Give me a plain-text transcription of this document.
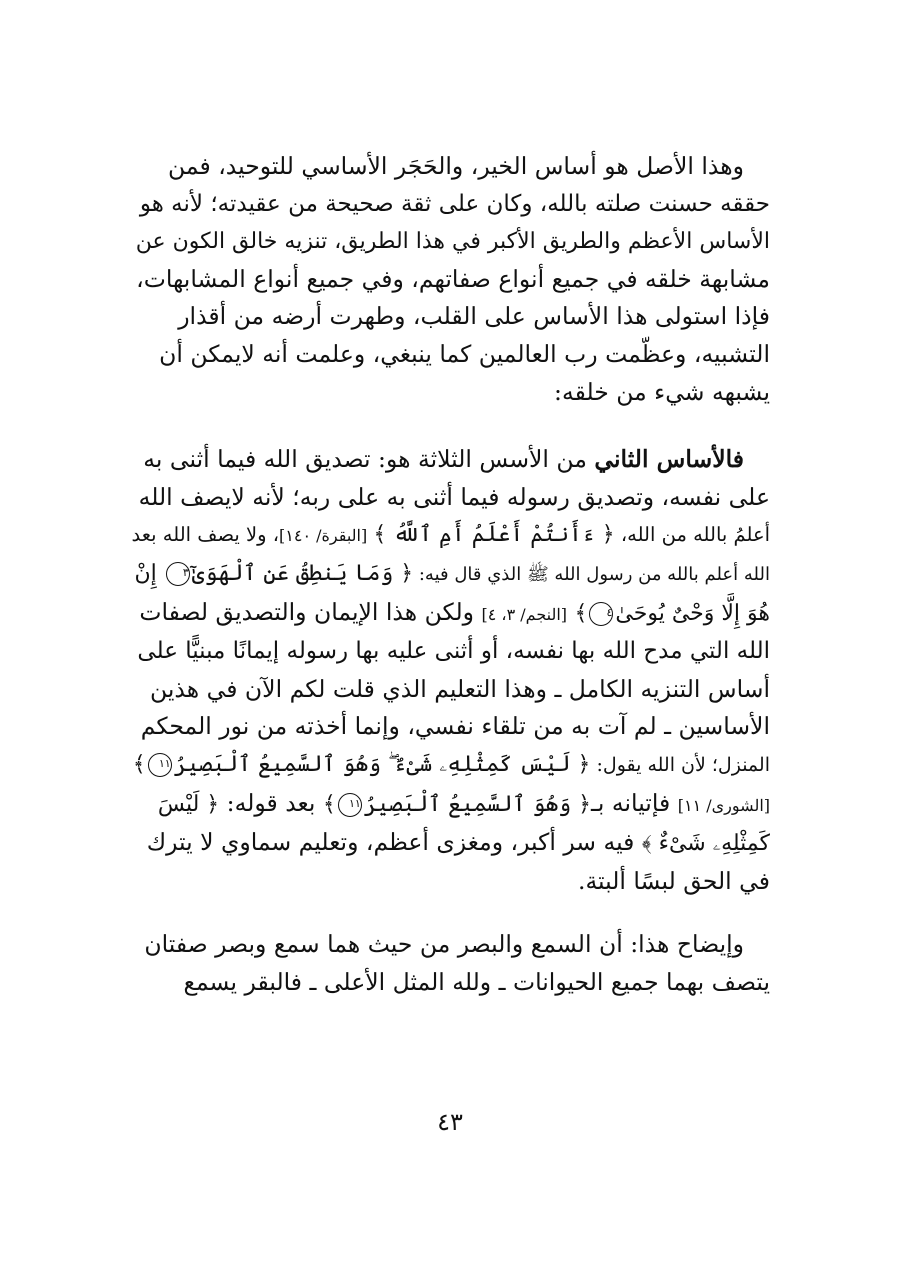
وهذا الأصل هو أساس الخير، والحَجَر الأساسي للتوحيد، فمن
حققه حسنت صلته بالله، وكان على ثقة صحيحة من عقيدته؛ لأنه هو
الأساس الأعظم والطريق الأكبر في هذا الطريق، تنزيه خالق الكون عن
مشابهة خلقه في جميع أنواع صفاتهم، وفي جميع أنواع المشابهات،
فإذا استولى هذا الأساس على القلب، وطهرت أرضه من أقذار
التشبيه، وعظّمت رب العالمين كما ينبغي، وعلمت أنه لايمكن أن
يشبهه شيء من خلقه:

فالأساس الثاني من الأسس الثلاثة هو: تصديق الله فيما أثنى به
على نفسه، وتصديق رسوله فيما أثنى به على ربه؛ لأنه لايصف الله
أعلمُ بالله من الله، ﴿ ءَأَنتُمْ أَعْلَمُ أَمِ ٱللَّهُ ﴾ [البقرة/ ١٤٠]، ولا يصف الله بعد
الله أعلم بالله من رسول الله ﷺ الذي قال فيه: ﴿ وَمَا يَنطِقُ عَنِ ٱلْهَوَىٰٓ٣ إِنْ
هُوَ إِلَّا وَحْىٌ يُوحَىٰ٤﴾ [النجم/ ٣، ٤] ولكن هذا الإيمان والتصديق لصفات
الله التي مدح الله بها نفسه، أو أثنى عليه بها رسوله إيمانًا مبنيًّا على
أساس التنزيه الكامل ـ وهذا التعليم الذي قلت لكم الآن في هذين
الأساسين ـ لم آت به من تلقاء نفسي، وإنما أخذته من نور المحكم
المنزل؛ لأن الله يقول: ﴿ لَيْسَ كَمِثْلِهِۦ شَىْءٌ ۖ وَهُوَ ٱلسَّمِيعُ ٱلْبَصِيرُ١١﴾
[الشورى/ ١١] فإتيانه بـ﴿ وَهُوَ ٱلسَّمِيعُ ٱلْبَصِيرُ١١﴾ بعد قوله: ﴿ لَيْسَ
كَمِثْلِهِۦ شَىْءٌ ﴾ فيه سر أكبر، ومغزى أعظم، وتعليم سماوي لا يترك
في الحق لبسًا ألبتة.

وإيضاح هذا: أن السمع والبصر من حيث هما سمع وبصر صفتان
يتصف بهما جميع الحيوانات ـ ولله المثل الأعلى ـ فالبقر يسمع

٤٣
